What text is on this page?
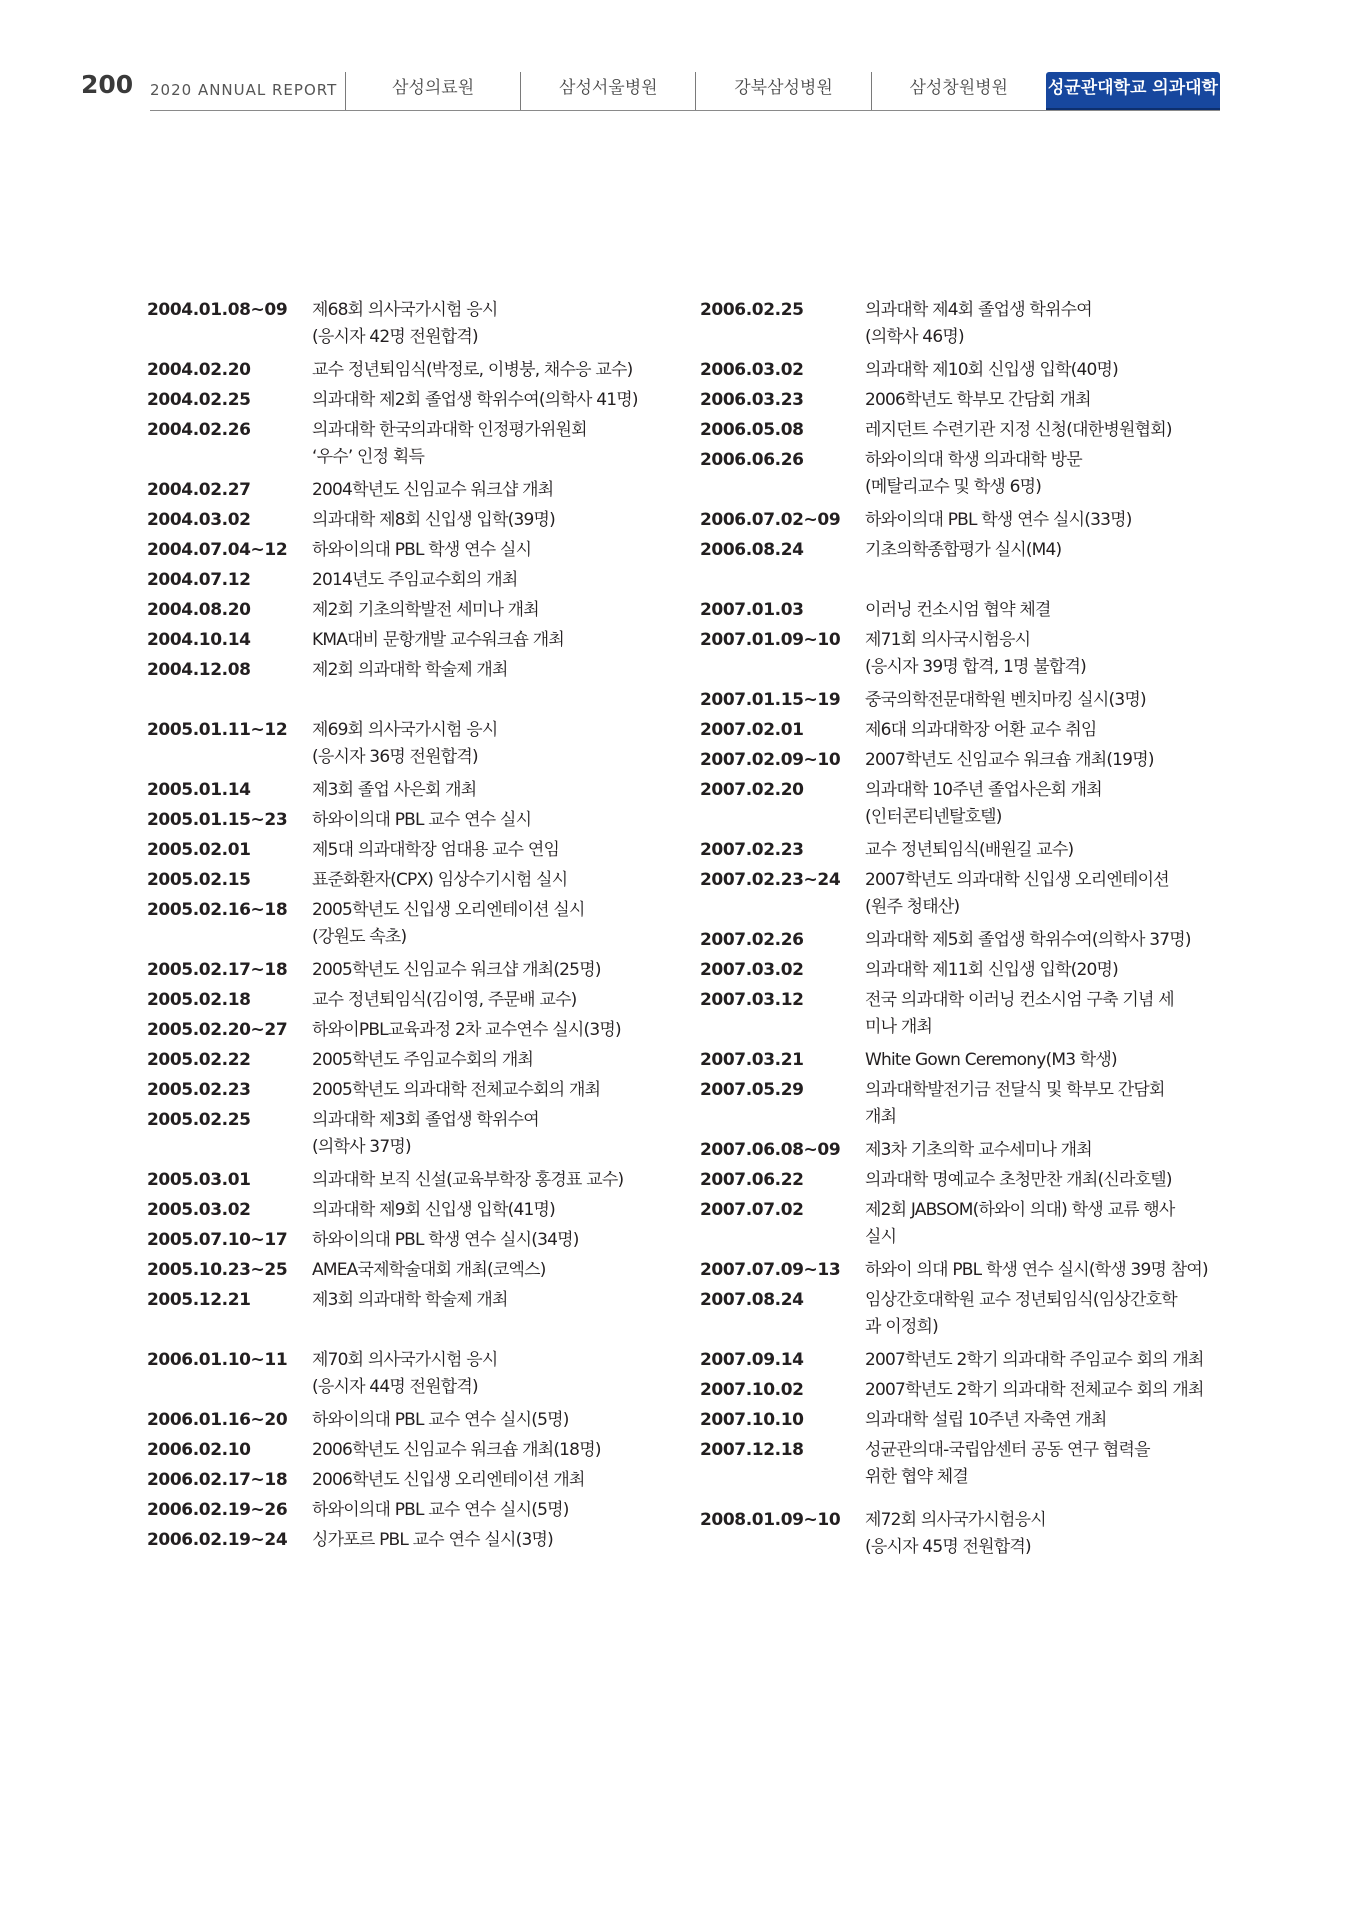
200 2020 ANNUAL REPORT	삼성의료원	삼성서울병원	강북삼성병원	삼성창원병원	성균관대학교 의과대학
2004.01.08~09 제68회 의사국가시험 응시
(응시자 42명 전원합격)
2004.02.20	교수 정년퇴임식(박정로, 이병붕, 채수응 교수)
2004.02.25	의과대학 제2회 졸업생 학위수여(의학사 41명)
2004.02.26	의과대학 한국의과대학 인정평가위원회
‘우수’ 인정 획득
2004.02.27	2004학년도 신임교수 워크샵 개최
2004.03.02	의과대학 제8회 신입생 입학(39명)
2004.07.04~12 하와이의대 PBL 학생 연수 실시
2004.07.12	2014년도 주임교수회의 개최
2004.08.20	제2회 기초의학발전 세미나 개최
2004.10.14	KMA대비 문항개발 교수워크숍 개최
2004.12.08	제2회 의과대학 학술제 개최
2005.01.11~12 제69회 의사국가시험 응시
(응시자 36명 전원합격)
2005.01.14	제3회 졸업 사은회 개최
2005.01.15~23 하와이의대 PBL 교수 연수 실시
2005.02.01	제5대 의과대학장 엄대용 교수 연임
2005.02.15	표준화환자(CPX) 임상수기시험 실시
2005.02.16~18 2005학년도 신입생 오리엔테이션 실시
(강원도 속초)
2005.02.17~18 2005학년도 신임교수 워크샵 개최(25명)
2005.02.18	교수 정년퇴임식(김이영, 주문배 교수)
2005.02.20~27 하와이PBL교육과정 2차 교수연수 실시(3명)
2005.02.22	2005학년도 주임교수회의 개최
2005.02.23	2005학년도 의과대학 전체교수회의 개최
2005.02.25	의과대학 제3회 졸업생 학위수여
(의학사 37명)
2005.03.01	의과대학 보직 신설(교육부학장 홍경표 교수)
2005.03.02	의과대학 제9회 신입생 입학(41명)
2005.07.10~17 하와이의대 PBL 학생 연수 실시(34명)
2005.10.23~25 AMEA국제학술대회 개최(코엑스)
2005.12.21	제3회 의과대학 학술제 개최
2006.01.10~11 제70회 의사국가시험 응시
(응시자 44명 전원합격)
2006.01.16~20 하와이의대 PBL 교수 연수 실시(5명)
2006.02.10	2006학년도 신임교수 워크숍 개최(18명)
2006.02.17~18 2006학년도 신입생 오리엔테이션 개최
2006.02.19~26 하와이의대 PBL 교수 연수 실시(5명)
2006.02.19~24 싱가포르 PBL 교수 연수 실시(3명)
2006.02.25	의과대학 제4회 졸업생 학위수여
(의학사 46명)
2006.03.02	의과대학 제10회 신입생 입학(40명)
2006.03.23	2006학년도 학부모 간담회 개최
2006.05.08	레지던트 수련기관 지정 신청(대한병원협회)
2006.06.26	하와이의대 학생 의과대학 방문
(메탈리교수 및 학생 6명)
2006.07.02~09 하와이의대 PBL 학생 연수 실시(33명)
2006.08.24	기초의학종합평가 실시(M4)
2007.01.03	이러닝 컨소시엄 협약 체결
2007.01.09~10 제71회 의사국시험응시
(응시자 39명 합격, 1명 불합격)
2007.01.15~19 중국의학전문대학원 벤치마킹 실시(3명)
2007.02.01	제6대 의과대학장 어환 교수 취임
2007.02.09~10 2007학년도 신임교수 워크숍 개최(19명)
2007.02.20	의과대학 10주년 졸업사은회 개최
(인터콘티넨탈호텔)
2007.02.23	교수 정년퇴임식(배원길 교수)
2007.02.23~24 2007학년도 의과대학 신입생 오리엔테이션
(원주 청태산)
2007.02.26	의과대학 제5회 졸업생 학위수여(의학사 37명)
2007.03.02	의과대학 제11회 신입생 입학(20명)
2007.03.12	전국 의과대학 이러닝 컨소시엄 구축 기념 세
미나 개최
2007.03.21	White Gown Ceremony(M3 학생)
2007.05.29	의과대학발전기금 전달식 및 학부모 간담회
개최
2007.06.08~09 제3차 기초의학 교수세미나 개최
2007.06.22	의과대학 명예교수 초청만찬 개최(신라호텔)
2007.07.02	제2회 JABSOM(하와이 의대) 학생 교류 행사
실시
2007.07.09~13 하와이 의대 PBL 학생 연수 실시(학생 39명 참여)
2007.08.24	임상간호대학원 교수 정년퇴임식(임상간호학
과 이정희)
2007.09.14	2007학년도 2학기 의과대학 주임교수 회의 개최
2007.10.02	2007학년도 2학기 의과대학 전체교수 회의 개최
2007.10.10	의과대학 설립 10주년 자축연 개최
2007.12.18	성균관의대-국립암센터 공동 연구 협력을
위한 협약 체결
2008.01.09~10 제72회 의사국가시험응시
(응시자 45명 전원합격)
